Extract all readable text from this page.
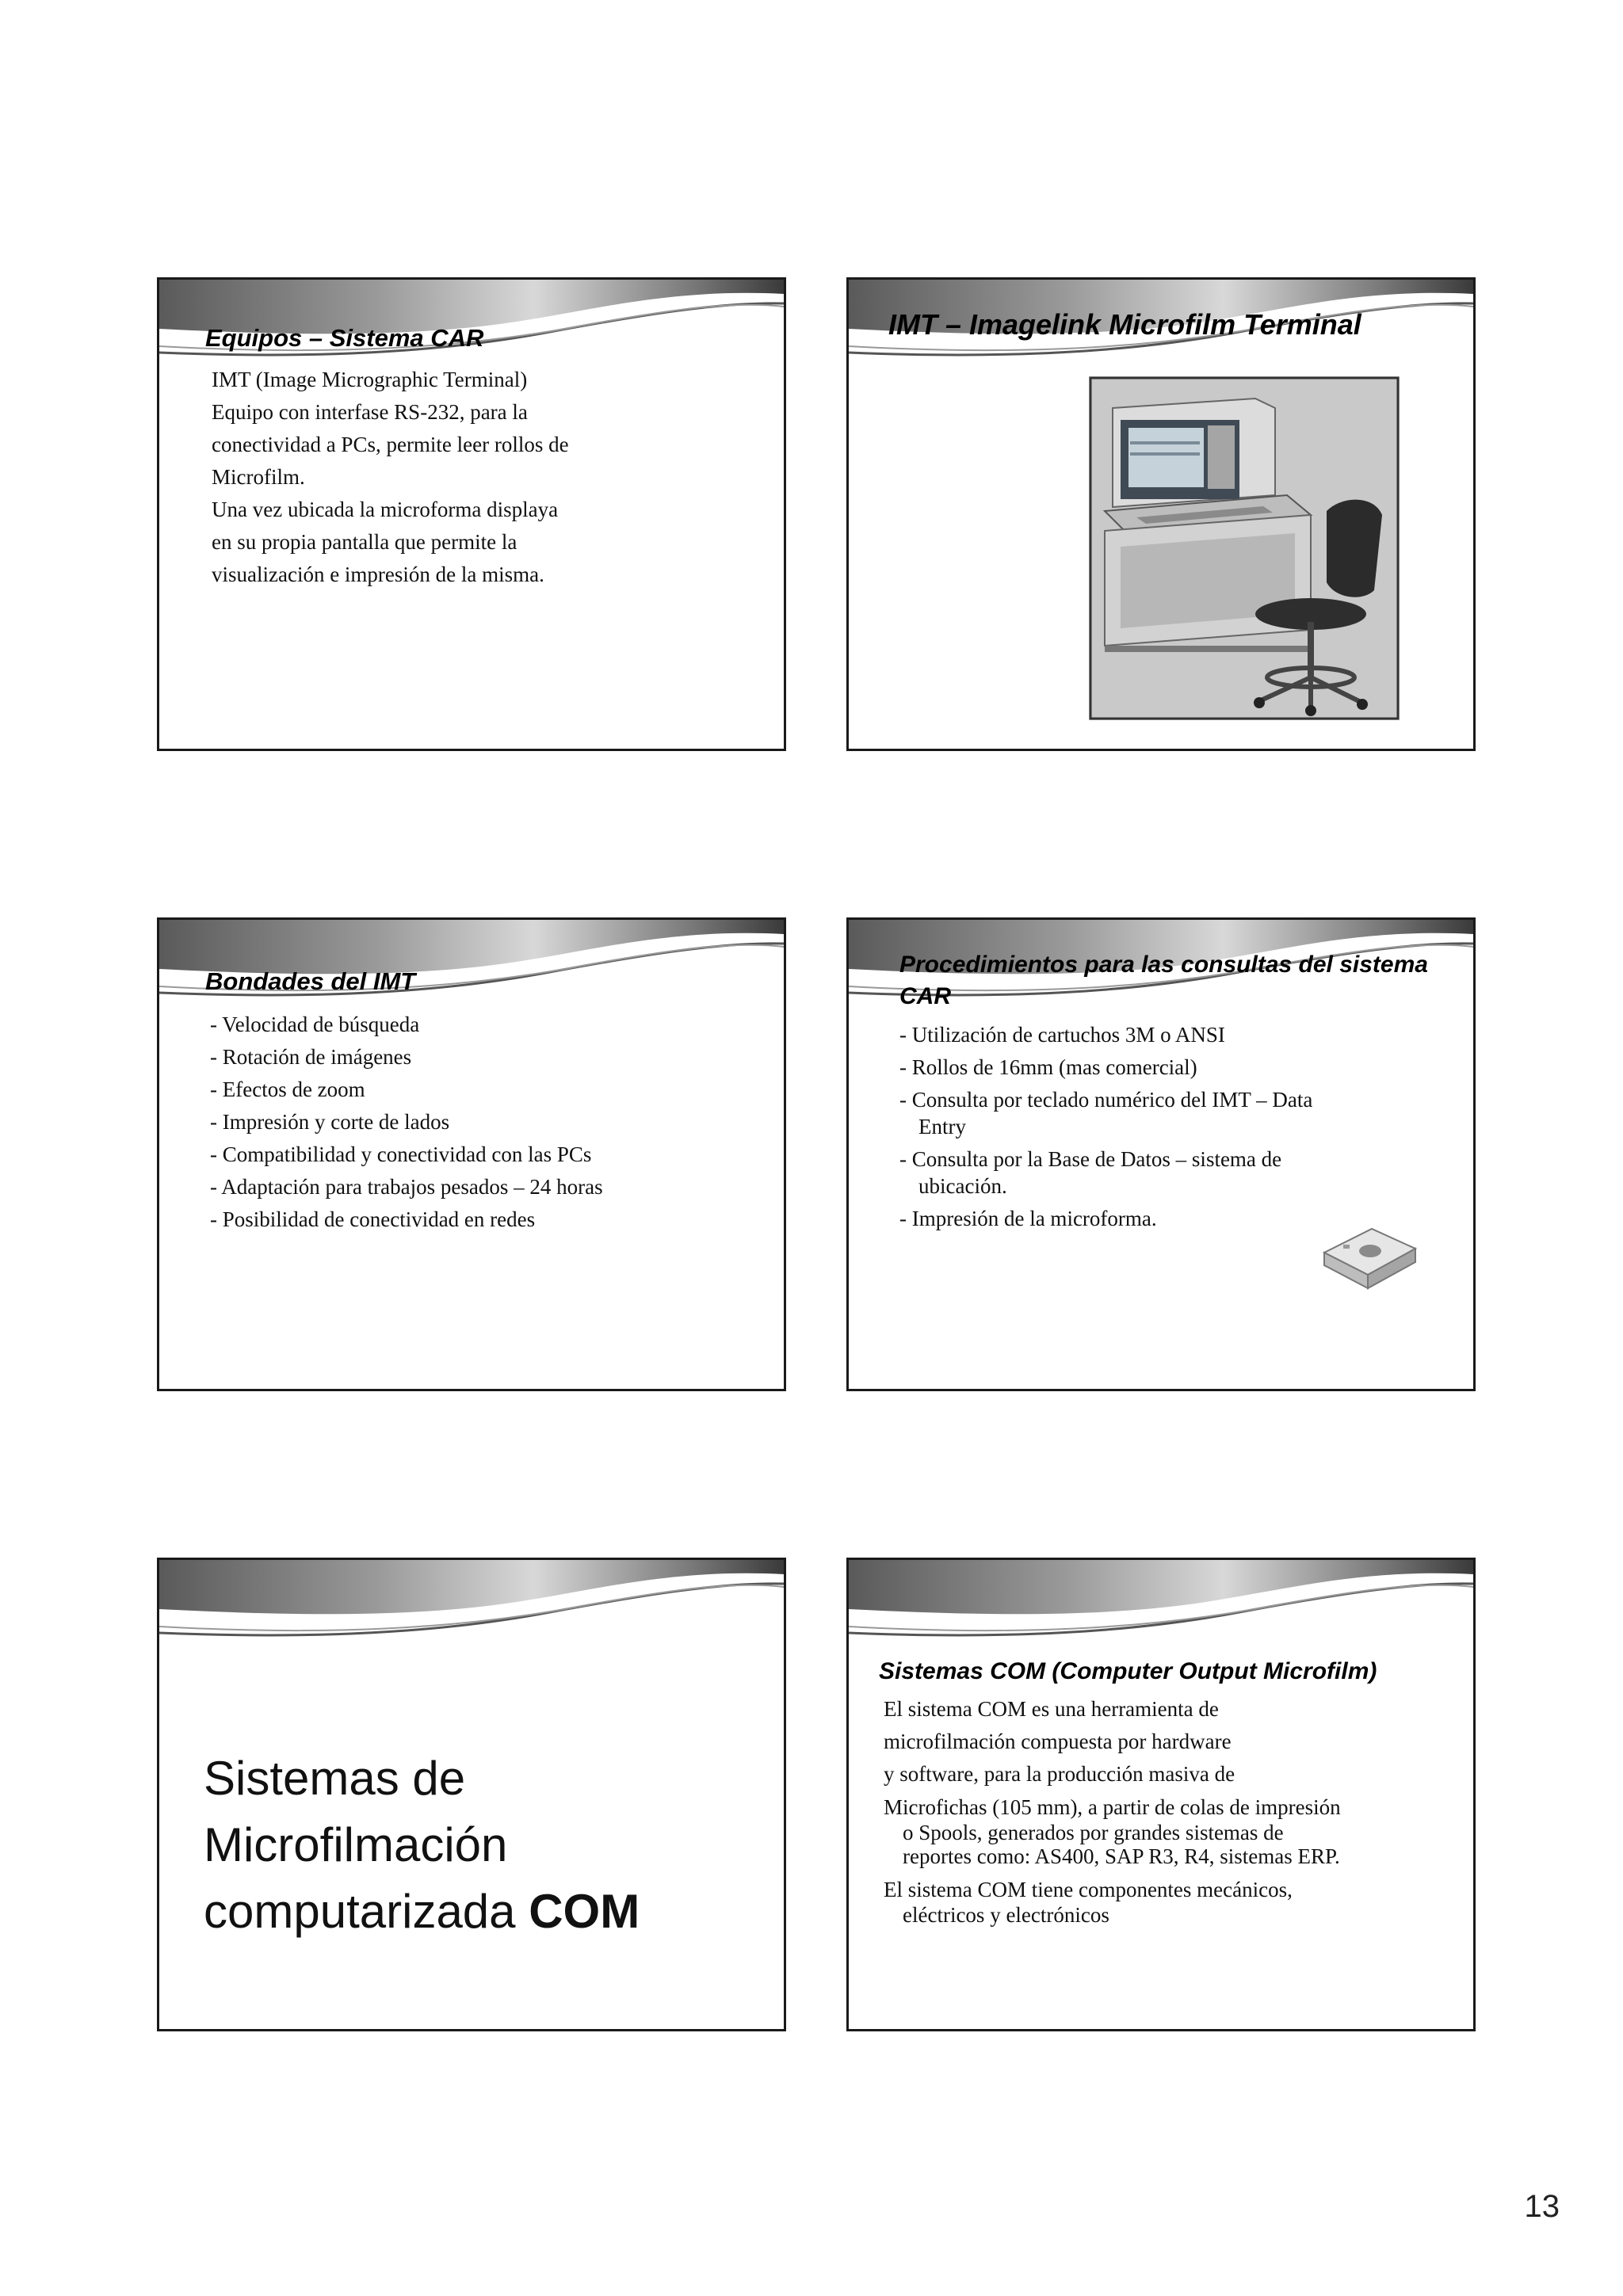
Equipos – Sistema CAR
IMT (Image Micrographic Terminal)
Equipo con interfase RS-232, para la
conectividad a PCs, permite leer rollos de
Microfilm.
Una vez ubicada la microforma displaya
en su propia pantalla que permite la
visualización e impresión de la misma.
IMT – Imagelink Microfilm Terminal
Bondades del IMT
- Velocidad de búsqueda
- Rotación de imágenes
- Efectos de zoom
- Impresión y corte de lados
- Compatibilidad y conectividad con las PCs
- Adaptación para trabajos pesados – 24 horas
- Posibilidad de conectividad en redes
Procedimientos para las consultas del sistema
CAR
- Utilización de cartuchos 3M o ANSI
- Rollos de 16mm (mas comercial)
- Consulta por teclado numérico del IMT – Data
Entry
- Consulta por la Base de Datos – sistema de
ubicación.
- Impresión de la microforma.
Sistemas de
Microfilmación
computarizada COM
Sistemas COM (Computer Output Microfilm)
El sistema COM es una herramienta de
microfilmación compuesta por hardware
y software, para la producción masiva de
Microfichas (105 mm), a partir de colas de impresión
o Spools, generados por grandes sistemas de
reportes como: AS400, SAP R3, R4, sistemas ERP.
El sistema COM tiene componentes mecánicos,
eléctricos y electrónicos
13
